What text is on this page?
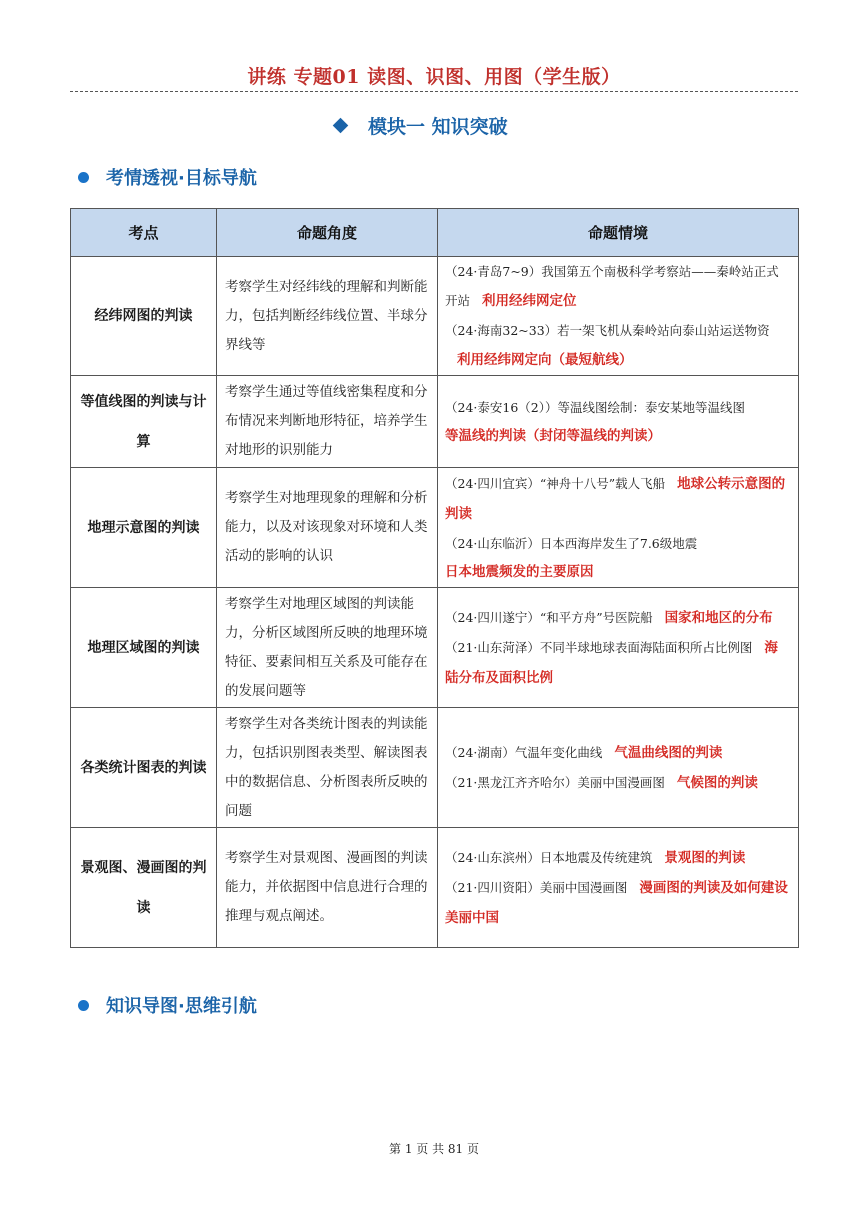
讲练 专题01 读图、识图、用图（学生版）
模块一 知识突破
考情透视·目标导航
考点	命题角度	命题情境
经纬网图的判读	考察学生对经纬线的理解和判断能力，包括判断经纬线位置、半球分界线等	（24·青岛7~9）我国第五个南极科学考察站——秦岭站正式开站 利用经纬网定位
（24·海南32~33）若一架飞机从秦岭站向泰山站运送物资利用经纬网定向（最短航线）

等值线图的判读与计算	考察学生通过等值线密集程度和分布情况来判断地形特征，培养学生对地形的识别能力	（24·泰安16（2））等温线图绘制：泰安某地等温线图
等温线的判读（封闭等温线的判读）

地理示意图的判读	考察学生对地理现象的理解和分析能力，以及对该现象对环境和人类活动的影响的认识	（24·四川宜宾）“神舟十八号”载人飞船 地球公转示意图的判读
（24·山东临沂）日本西海岸发生了7.6级地震
日本地震频发的主要原因

地理区域图的判读	考察学生对地理区域图的判读能力，分析区域图所反映的地理环境特征、要素间相互关系及可能存在的发展问题等	（24·四川遂宁）“和平方舟”号医院船 国家和地区的分布
（21·山东菏泽）不同半球地球表面海陆面积所占比例图 海陆分布及面积比例

各类统计图表的判读	考察学生对各类统计图表的判读能力，包括识别图表类型、解读图表中的数据信息、分析图表所反映的问题	（24·湖南）气温年变化曲线 气温曲线图的判读
（21·黑龙江齐齐哈尔）美丽中国漫画图 气候图的判读

景观图、漫画图的判读	考察学生对景观图、漫画图的判读能力，并依据图中信息进行合理的推理与观点阐述。	（24·山东滨州）日本地震及传统建筑 景观图的判读
（21·四川资阳）美丽中国漫画图 漫画图的判读及如何建设美丽中国
知识导图·思维引航
第 1 页 共 81 页
